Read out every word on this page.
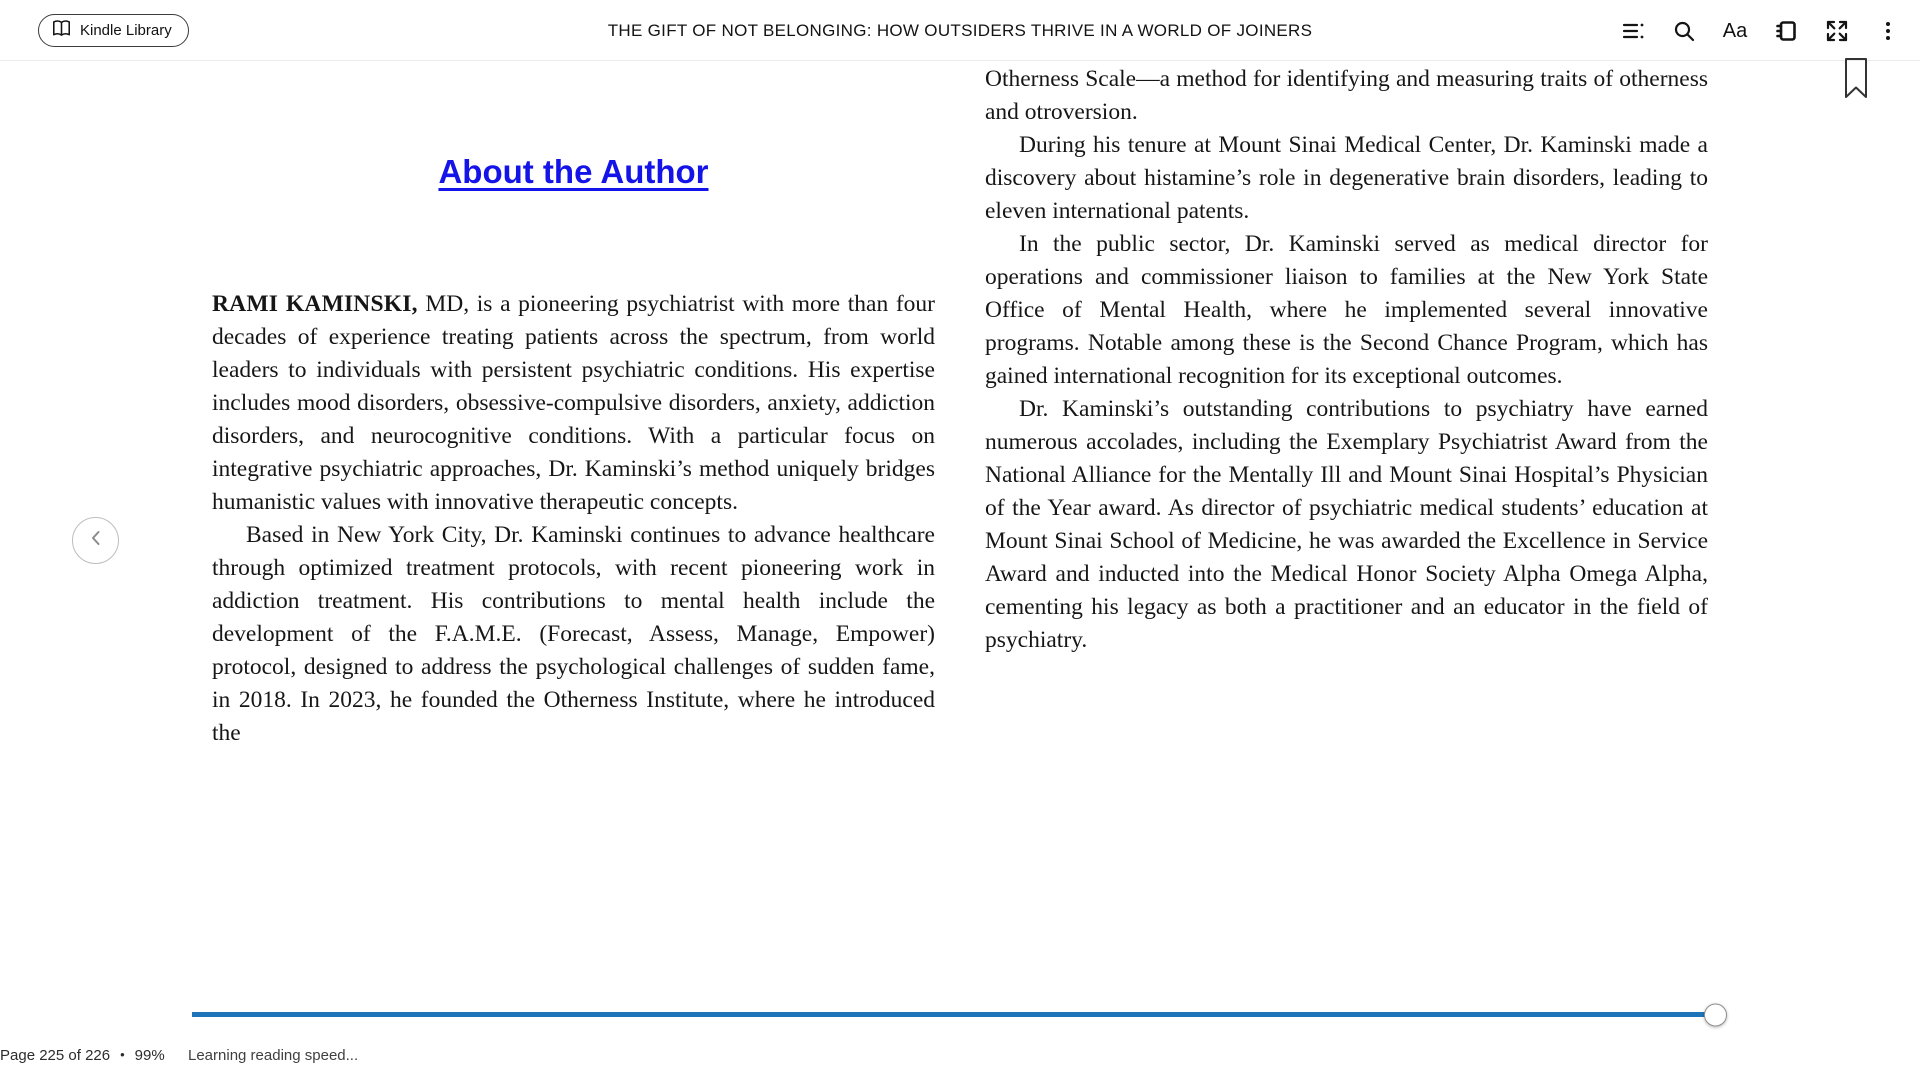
Kindle Library	THE GIFT OF NOT BELONGING: HOW OUTSIDERS THRIVE IN A WORLD OF JOINERS	Aa
About the Author

RAMI KAMINSKI, MD, is a pioneering psychiatrist with more than four decades of experience treating patients across the spectrum, from world leaders to individuals with persistent psychiatric conditions. His expertise includes mood disorders, obsessive-compulsive disorders, anxiety, addiction disorders, and neurocognitive conditions. With a particular focus on integrative psychiatric approaches, Dr. Kaminski’s method uniquely bridges humanistic values with innovative therapeutic concepts.

Based in New York City, Dr. Kaminski continues to advance healthcare through optimized treatment protocols, with recent pioneering work in addiction treatment. His contributions to mental health include the development of the F.A.M.E. (Forecast, Assess, Manage, Empower) protocol, designed to address the psychological challenges of sudden fame, in 2018. In 2023, he founded the Otherness Institute, where he introduced the

Otherness Scale—a method for identifying and measuring traits of otherness and otroversion.

During his tenure at Mount Sinai Medical Center, Dr. Kaminski made a discovery about histamine’s role in degenerative brain disorders, leading to eleven international patents.

In the public sector, Dr. Kaminski served as medical director for operations and commissioner liaison to families at the New York State Office of Mental Health, where he implemented several innovative programs. Notable among these is the Second Chance Program, which has gained international recognition for its exceptional outcomes.

Dr. Kaminski’s outstanding contributions to psychiatry have earned numerous accolades, including the Exemplary Psychiatrist Award from the National Alliance for the Mentally Ill and Mount Sinai Hospital’s Physician of the Year award. As director of psychiatric medical students’ education at Mount Sinai School of Medicine, he was awarded the Excellence in Service Award and inducted into the Medical Honor Society Alpha Omega Alpha, cementing his legacy as both a practitioner and an educator in the field of psychiatry.

Learning reading speed...
Page 225 of 226 • 99%
